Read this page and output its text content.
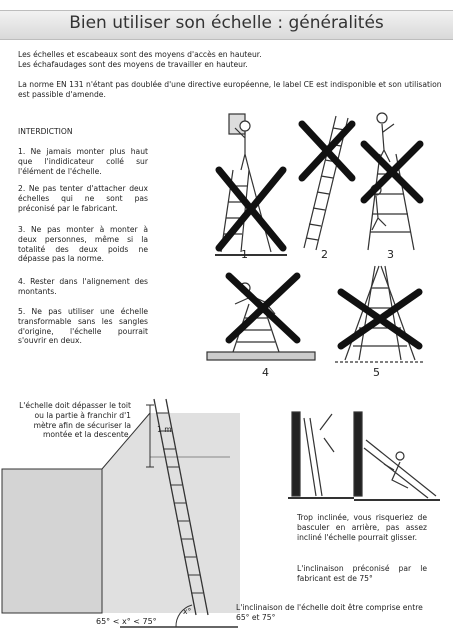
Bien utiliser son échelle : généralités
Les échelles et escabeaux sont des moyens d'accès en hauteur.
Les échafaudages sont des moyens de travailler en hauteur.
La norme EN 131 n'étant pas doublée d'une directive européenne, le label CE est indisponible et son utilisation est passible d'amende.
INTERDICTION
1. Ne jamais monter plus haut que l'indidicateur collé sur l'élément de l'échelle.
2. Ne pas tenter d'attacher deux échelles qui ne sont pas préconisé par le fabricant.
3. Ne pas monter à monter à deux personnes, même si la totalité des deux poids ne dépasse pas la norme.
4. Rester dans l'alignement des montants.
5. Ne pas utiliser une échelle transformable sans les sangles d'origine, l'échelle pourrait s'ouvrir en deux.
1	2	3
4	5
L'échelle doit dépasser le toit ou la partie à franchir d'1 mètre afin de sécuriser la montée et la descente.
1 m
x°
65° < x° < 75°
Trop inclinée, vous risqueriez de basculer en arrière, pas assez incliné l'échelle pourrait glisser.
L'inclinaison préconisé par le fabricant est de 75°
L'inclinaison de l'échelle doit être comprise entre 65° et 75°
